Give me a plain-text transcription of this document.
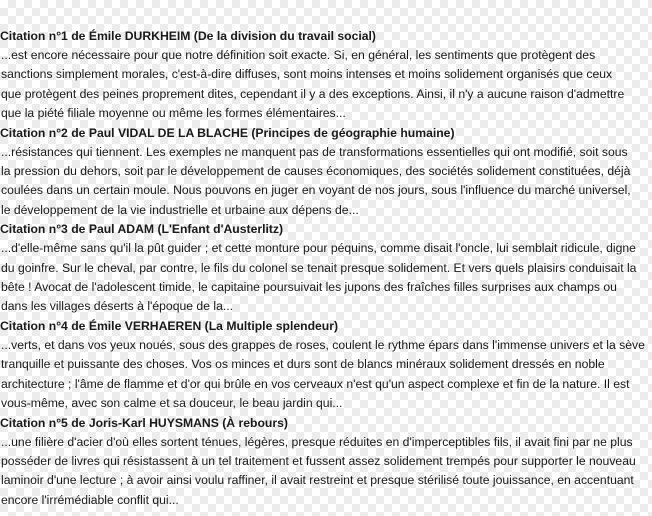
Citation n°1 de Émile DURKHEIM (De la division du travail social)

...est encore nécessaire pour que notre définition soit exacte. Si, en général, les sentiments que protègent des
sanctions simplement morales, c'est-à-dire diffuses, sont moins intenses et moins solidement organisés que ceux
que protègent des peines proprement dites, cependant il y a des exceptions. Ainsi, il n'y a aucune raison d'admettre
que la piété filiale moyenne ou même les formes élémentaires...

Citation n°2 de Paul VIDAL DE LA BLACHE (Principes de géographie humaine)

...résistances qui tiennent. Les exemples ne manquent pas de transformations essentielles qui ont modifié, soit sous
la pression du dehors, soit par le développement de causes économiques, des sociétés solidement constituées, déjà
coulées dans un certain moule. Nous pouvons en juger en voyant de nos jours, sous l'influence du marché universel,
le développement de la vie industrielle et urbaine aux dépens de...

Citation n°3 de Paul ADAM (L'Enfant d'Austerlitz)

...d'elle-même sans qu'il la pût guider ; et cette monture pour péquins, comme disait l'oncle, lui semblait ridicule, digne
du goinfre. Sur le cheval, par contre, le fils du colonel se tenait presque solidement. Et vers quels plaisirs conduisait la
bête ! Avocat de l'adolescent timide, le capitaine poursuivait les jupons des fraîches filles surprises aux champs ou
dans les villages déserts à l'époque de la...

Citation n°4 de Émile VERHAEREN (La Multiple splendeur)

...verts, et dans vos yeux noués, sous des grappes de roses, coulent le rythme épars dans l'immense univers et la sève
tranquille et puissante des choses. Vos os minces et durs sont de blancs minéraux solidement dressés en noble
architecture ; l'âme de flamme et d'or qui brûle en vos cerveaux n'est qu'un aspect complexe et fin de la nature. Il est
vous-même, avec son calme et sa douceur, le beau jardin qui...

Citation n°5 de Joris-Karl HUYSMANS (À rebours)

...une filière d'acier d'où elles sortent ténues, légères, presque réduites en d'imperceptibles fils, il avait fini par ne plus
posséder de livres qui résistassent à un tel traitement et fussent assez solidement trempés pour supporter le nouveau
laminoir d'une lecture ; à avoir ainsi voulu raffiner, il avait restreint et presque stérilisé toute jouissance, en accentuant
encore l'irrémédiable conflit qui...
